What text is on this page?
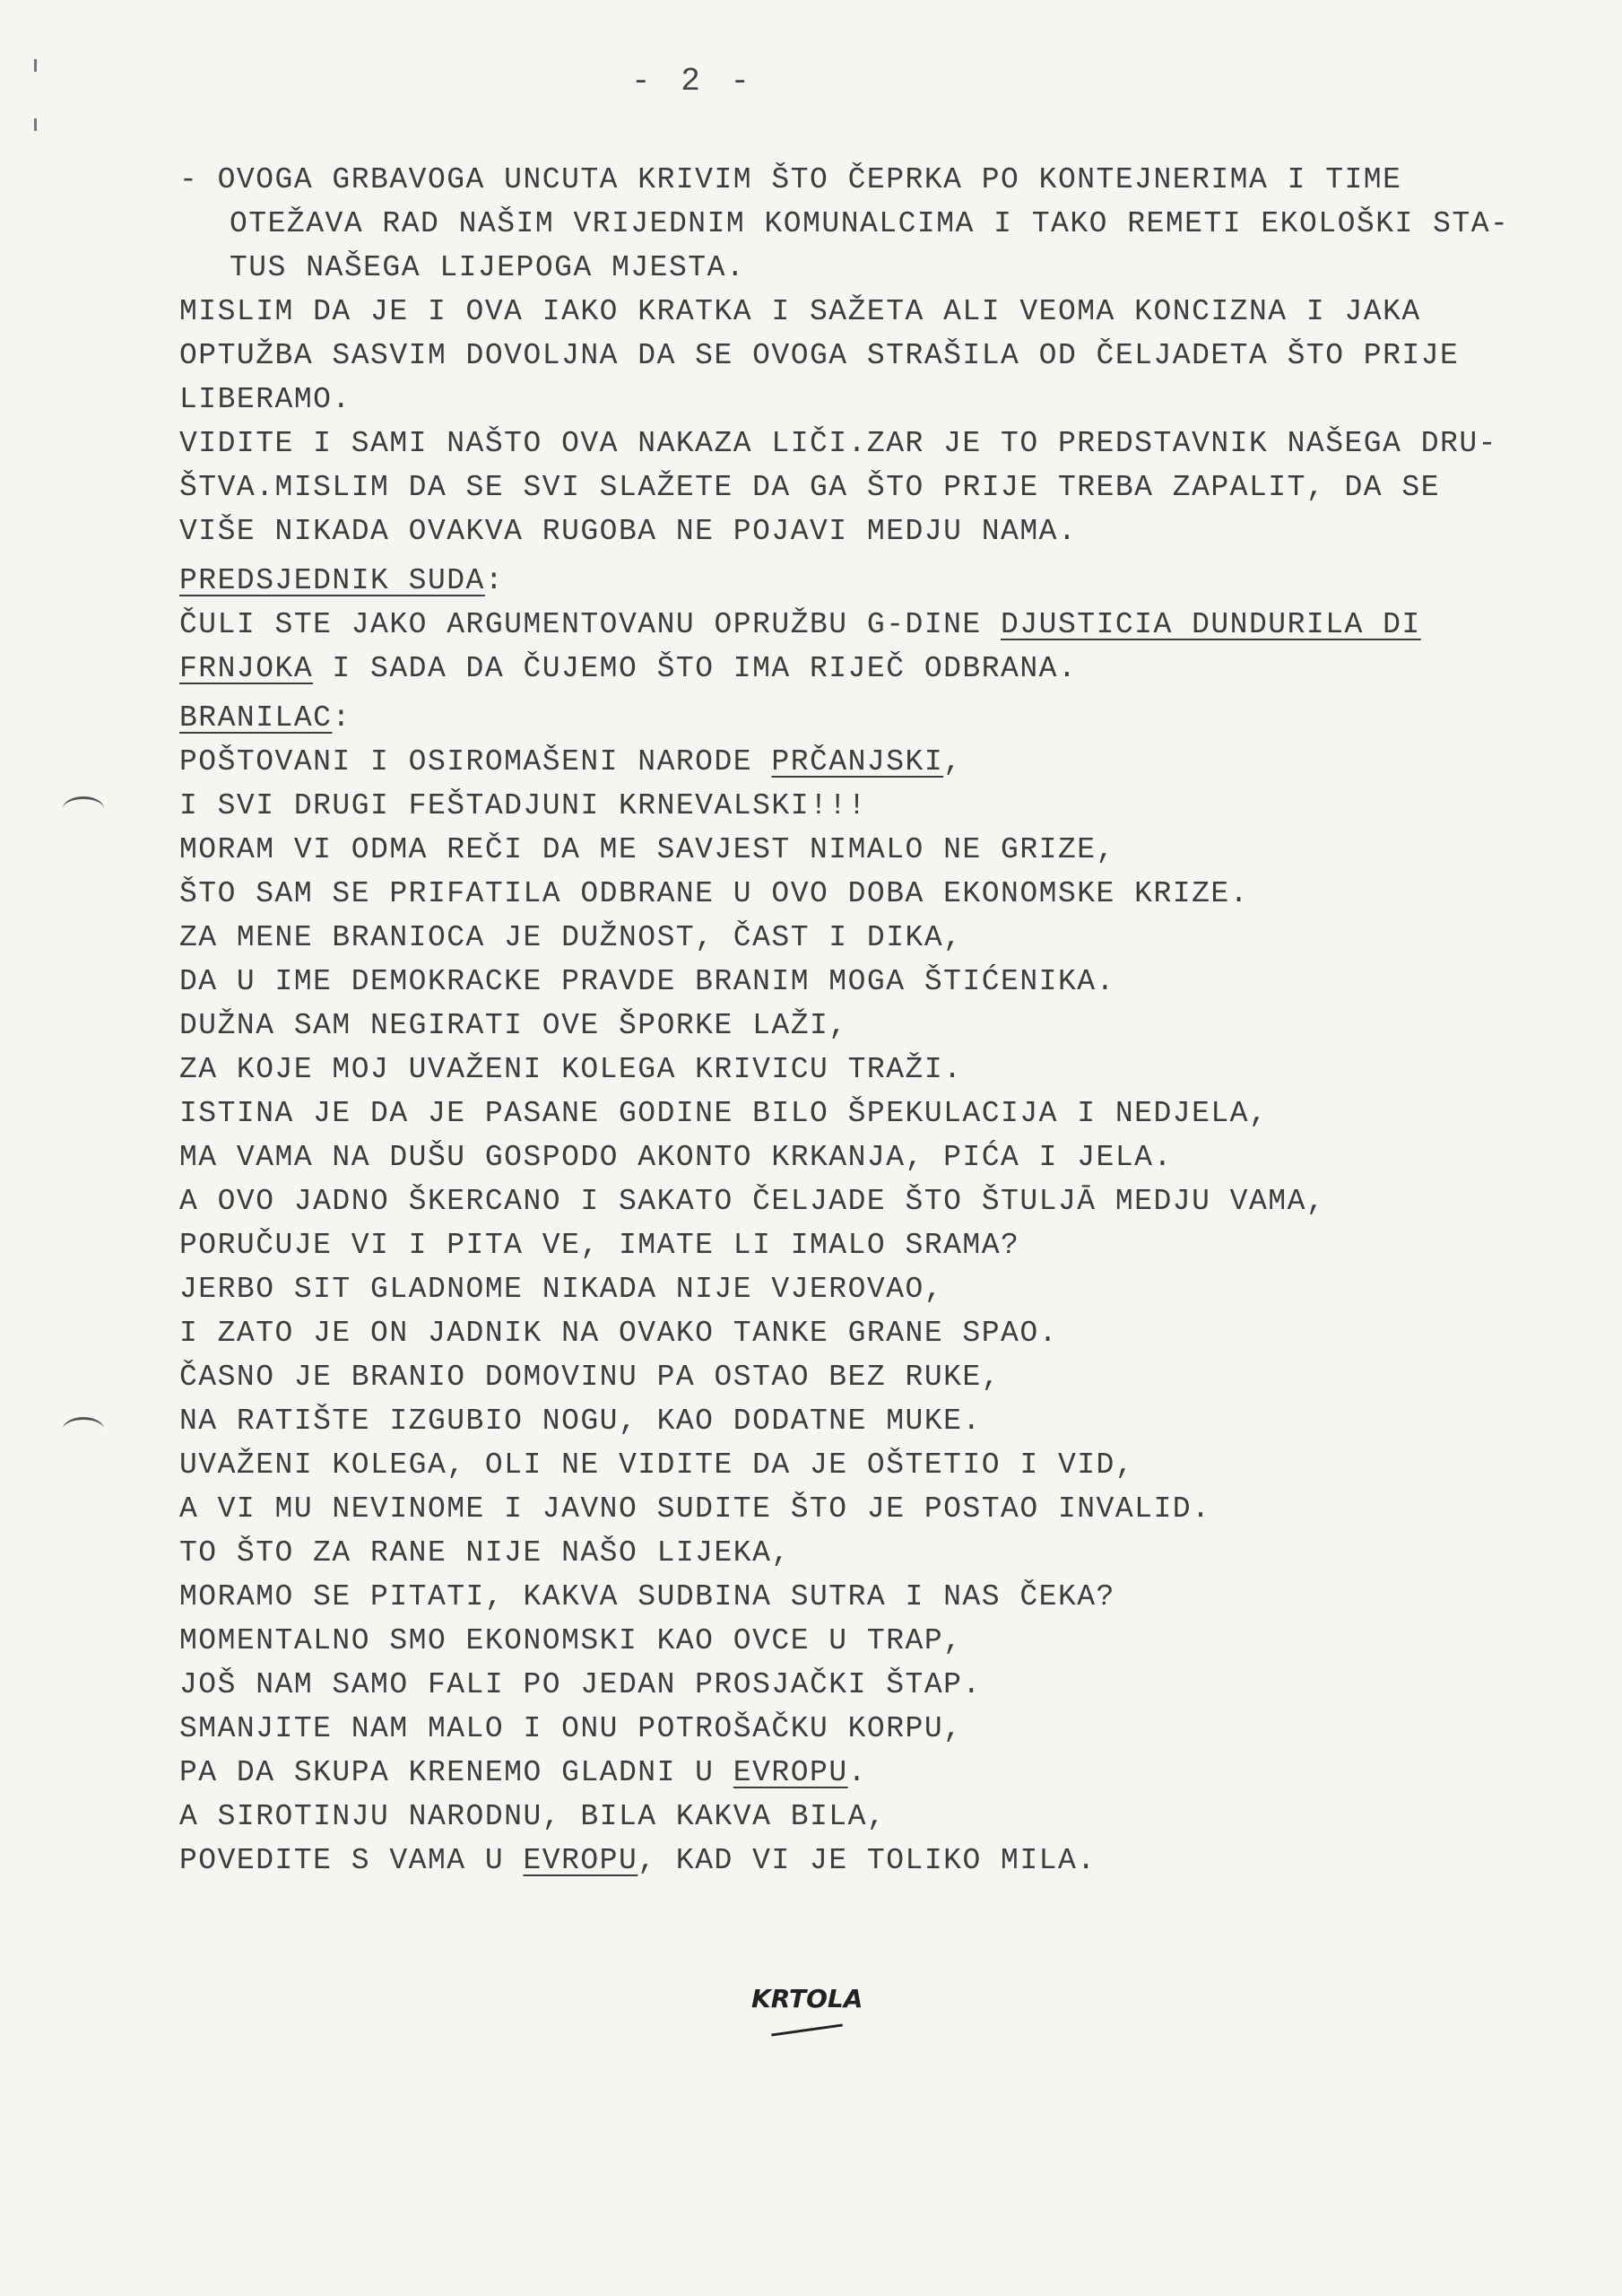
- 2 -
- OVOGA GRBAVOGA UNCUTA KRIVIM ŠTO ČEPRKA PO KONTEJNERIMA I TIME
OTEŽAVA RAD NAŠIM VRIJEDNIM KOMUNALCIMA I TAKO REMETI EKOLOŠKI STA-
TUS NAŠEGA LIJEPOGA MJESTA.
MISLIM DA JE I OVA IAKO KRATKA I SAŽETA ALI VEOMA KONCIZNA I JAKA
OPTUŽBA SASVIM DOVOLJNA DA SE OVOGA STRAŠILA OD ČELJADETA ŠTO PRIJE
LIBERAMO.
VIDITE I SAMI NAŠTO OVA NAKAZA LIČI.ZAR JE TO PREDSTAVNIK NAŠEGA DRU-
ŠTVA.MISLIM DA SE SVI SLAŽETE DA GA ŠTO PRIJE TREBA ZAPALIT, DA SE
VIŠE NIKADA OVAKVA RUGOBA NE POJAVI MEDJU NAMA.
PREDSJEDNIK SUDA:
ČULI STE JAKO ARGUMENTOVANU OPRUŽBU G-DINE DJUSTICIA DUNDURILA DI
FRNJOKA I SADA DA ČUJEMO ŠTO IMA RIJEČ ODBRANA.
BRANILAC:
POŠTOVANI I OSIROMAŠENI NARODE PRČANJSKI,
I SVI DRUGI FEŠTADJUNI KRNEVALSKI!!!
MORAM VI ODMA REČI DA ME SAVJEST NIMALO NE GRIZE,
ŠTO SAM SE PRIFATILA ODBRANE U OVO DOBA EKONOMSKE KRIZE.
ZA MENE BRANIOCA JE DUŽNOST, ČAST I DIKA,
DA U IME DEMOKRACKE PRAVDE BRANIM MOGA ŠTIĆENIKA.
DUŽNA SAM NEGIRATI OVE ŠPORKE LAŽI,
ZA KOJE MOJ UVAŽENI KOLEGA KRIVICU TRAŽI.
ISTINA JE DA JE PASANE GODINE BILO ŠPEKULACIJA I NEDJELA,
MA VAMA NA DUŠU GOSPODO AKONTO KRKANJA, PIĆA I JELA.
A OVO JADNO ŠKERCANO I SAKATO ČELJADE ŠTO ŠTULJĀ MEDJU VAMA,
PORUČUJE VI I PITA VE, IMATE LI IMALO SRAMA?
JERBO SIT GLADNOME NIKADA NIJE VJEROVAO,
I ZATO JE ON JADNIK NA OVAKO TANKE GRANE SPAO.
ČASNO JE BRANIO DOMOVINU PA OSTAO BEZ RUKE,
NA RATIŠTE IZGUBIO NOGU, KAO DODATNE MUKE.
UVAŽENI KOLEGA, OLI NE VIDITE DA JE OŠTETIO I VID,
A VI MU NEVINOME I JAVNO SUDITE ŠTO JE POSTAO INVALID.
TO ŠTO ZA RANE NIJE NAŠO LIJEKA,
MORAMO SE PITATI, KAKVA SUDBINA SUTRA I NAS ČEKA?
MOMENTALNO SMO EKONOMSKI KAO OVCE U TRAP,
JOŠ NAM SAMO FALI PO JEDAN PROSJAČKI ŠTAP.
SMANJITE NAM MALO I ONU POTROŠAČKU KORPU,
PA DA SKUPA KRENEMO GLADNI U EVROPU.
A SIROTINJU NARODNU, BILA KAKVA BILA,
POVEDITE S VAMA U EVROPU, KAD VI JE TOLIKO MILA.
KRTOLA
